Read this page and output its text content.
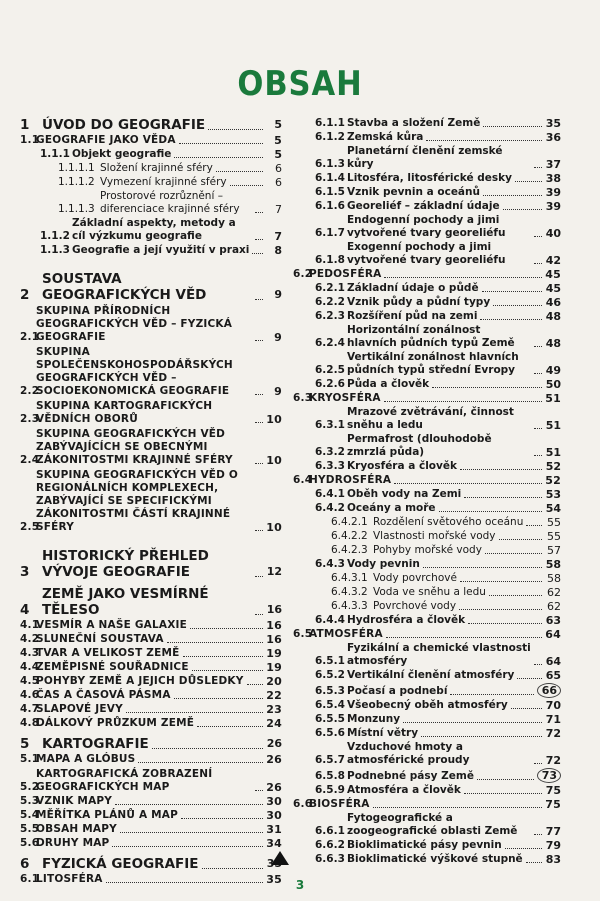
OBSAH
1 ÚVOD DO GEOGRAFIE	5
1.1
GEOGRAFIE JAKO VĚDA	5
1.1.1 Objekt geografie	5
1.1.1.1 Složení krajinné sféry	6
1.1.1.2 Vymezení krajinné sféry	6
1.1.1.3
Prostorové rozrůznění – diferenciace krajinné sféry	7
1.1.2
Základní aspekty, metody a cíl výzkumu geografie	7
1.1.3 Geografie a její využití v praxi	8
2
SOUSTAVA GEOGRAFICKÝCH VĚD	9
2.1
SKUPINA PŘÍRODNÍCH GEOGRAFICKÝCH VĚD – FYZICKÁ GEOGRAFIE	9
2.2
SKUPINA SPOLEČENSKOHOSPODÁŘSKÝCH GEOGRAFICKÝCH VĚD – SOCIOEKONOMICKÁ GEOGRAFIE	9
2.3
SKUPINA KARTOGRAFICKÝCH VĚDNÍCH OBORŮ	10
2.4
SKUPINA GEOGRAFICKÝCH VĚD ZABÝVAJÍCÍCH SE OBECNÝMI ZÁKONITOSTMI KRAJINNÉ SFÉRY	10
2.5
SKUPINA GEOGRAFICKÝCH VĚD O REGIONÁLNÍCH KOMPLEXECH, ZABÝVAJÍCÍ SE SPECIFICKÝMI ZÁKONITOSTMI ČÁSTÍ KRAJINNÉ SFÉRY	10
3
HISTORICKÝ PŘEHLED VÝVOJE GEOGRAFIE	12
4
ZEMĚ JAKO VESMÍRNÉ TĚLESO	16
4.1
VESMÍR A NAŠE GALAXIE	16
4.2
SLUNEČNÍ SOUSTAVA	16
4.3
TVAR A VELIKOST ZEMĚ	19
4.4
ZEMĚPISNÉ SOUŘADNICE	19
4.5
POHYBY ZEMĚ A JEJICH DŮSLEDKY 20
4.6
ČAS A ČASOVÁ PÁSMA	22
4.7
SLAPOVÉ JEVY	23
4.8
DÁLKOVÝ PRŮZKUM ZEMĚ	24
5 KARTOGRAFIE	26
5.1
MAPA A GLÓBUS	26
5.2
KARTOGRAFICKÁ ZOBRAZENÍ GEOGRAFICKÝCH MAP	26
5.3
VZNIK MAPY	30
5.4
MĚŘÍTKA PLÁNŮ A MAP	30
5.5
OBSAH MAPY	31
5.6
DRUHY MAP	34
6 FYZICKÁ GEOGRAFIE	35
6.1
LITOSFÉRA	35
6.1.1 Stavba a složení Země	35
6.1.2 Zemská kůra	36
6.1.3
Planetární členění zemské kůry	37
6.1.4 Litosféra, litosférické desky	38
6.1.5 Vznik pevnin a oceánů	39
6.1.6 Georeliéf – základní údaje	39
6.1.7
Endogenní pochody a jimi vytvořené tvary georeliéfu	40
6.1.8
Exogenní pochody a jimi vytvořené tvary georeliéfu	42
6.2
PEDOSFÉRA	45
6.2.1 Základní údaje o půdě	45
6.2.2 Vznik půdy a půdní typy	46
6.2.3 Rozšíření půd na zemi	48
6.2.4
Horizontální zonálnost hlavních půdních typů Země	48
6.2.5
Vertikální zonálnost hlavních půdních typů střední Evropy	49
6.2.6 Půda a člověk	50
6.3
KRYOSFÉRA	51
6.3.1
Mrazové zvětrávání, činnost sněhu a ledu	51
6.3.2
Permafrost (dlouhodobě zmrzlá půda)	51
6.3.3 Kryosféra a člověk	52
6.4
HYDROSFÉRA	52
6.4.1 Oběh vody na Zemi	53
6.4.2 Oceány a moře	54
6.4.2.1 Rozdělení světového oceánu 55
6.4.2.2 Vlastnosti mořské vody	55
6.4.2.3 Pohyby mořské vody	57
6.4.3 Vody pevnin	58
6.4.3.1 Vody povrchové	58
6.4.3.2 Voda ve sněhu a ledu	62
6.4.3.3 Povrchové vody	62
6.4.4 Hydrosféra a člověk	63
6.5
ATMOSFÉRA	64
6.5.1
Fyzikální a chemické vlastnosti atmosféry	64
6.5.2 Vertikální členění atmosféry	65
6.5.3 Počasí a podnebí	66
6.5.4 Všeobecný oběh atmosféry	70
6.5.5 Monzuny	71
6.5.6 Místní větry	72
6.5.7
Vzduchové hmoty a atmosférické proudy	72
6.5.8 Podnebné pásy Země	73
6.5.9 Atmosféra a člověk	75
6.6
BIOSFÉRA	75
6.6.1
Fytogeografické a zoogeografické oblasti Země	77
6.6.2 Bioklimatické pásy pevnin	79
6.6.3 Bioklimatické výškové stupně 83
3
